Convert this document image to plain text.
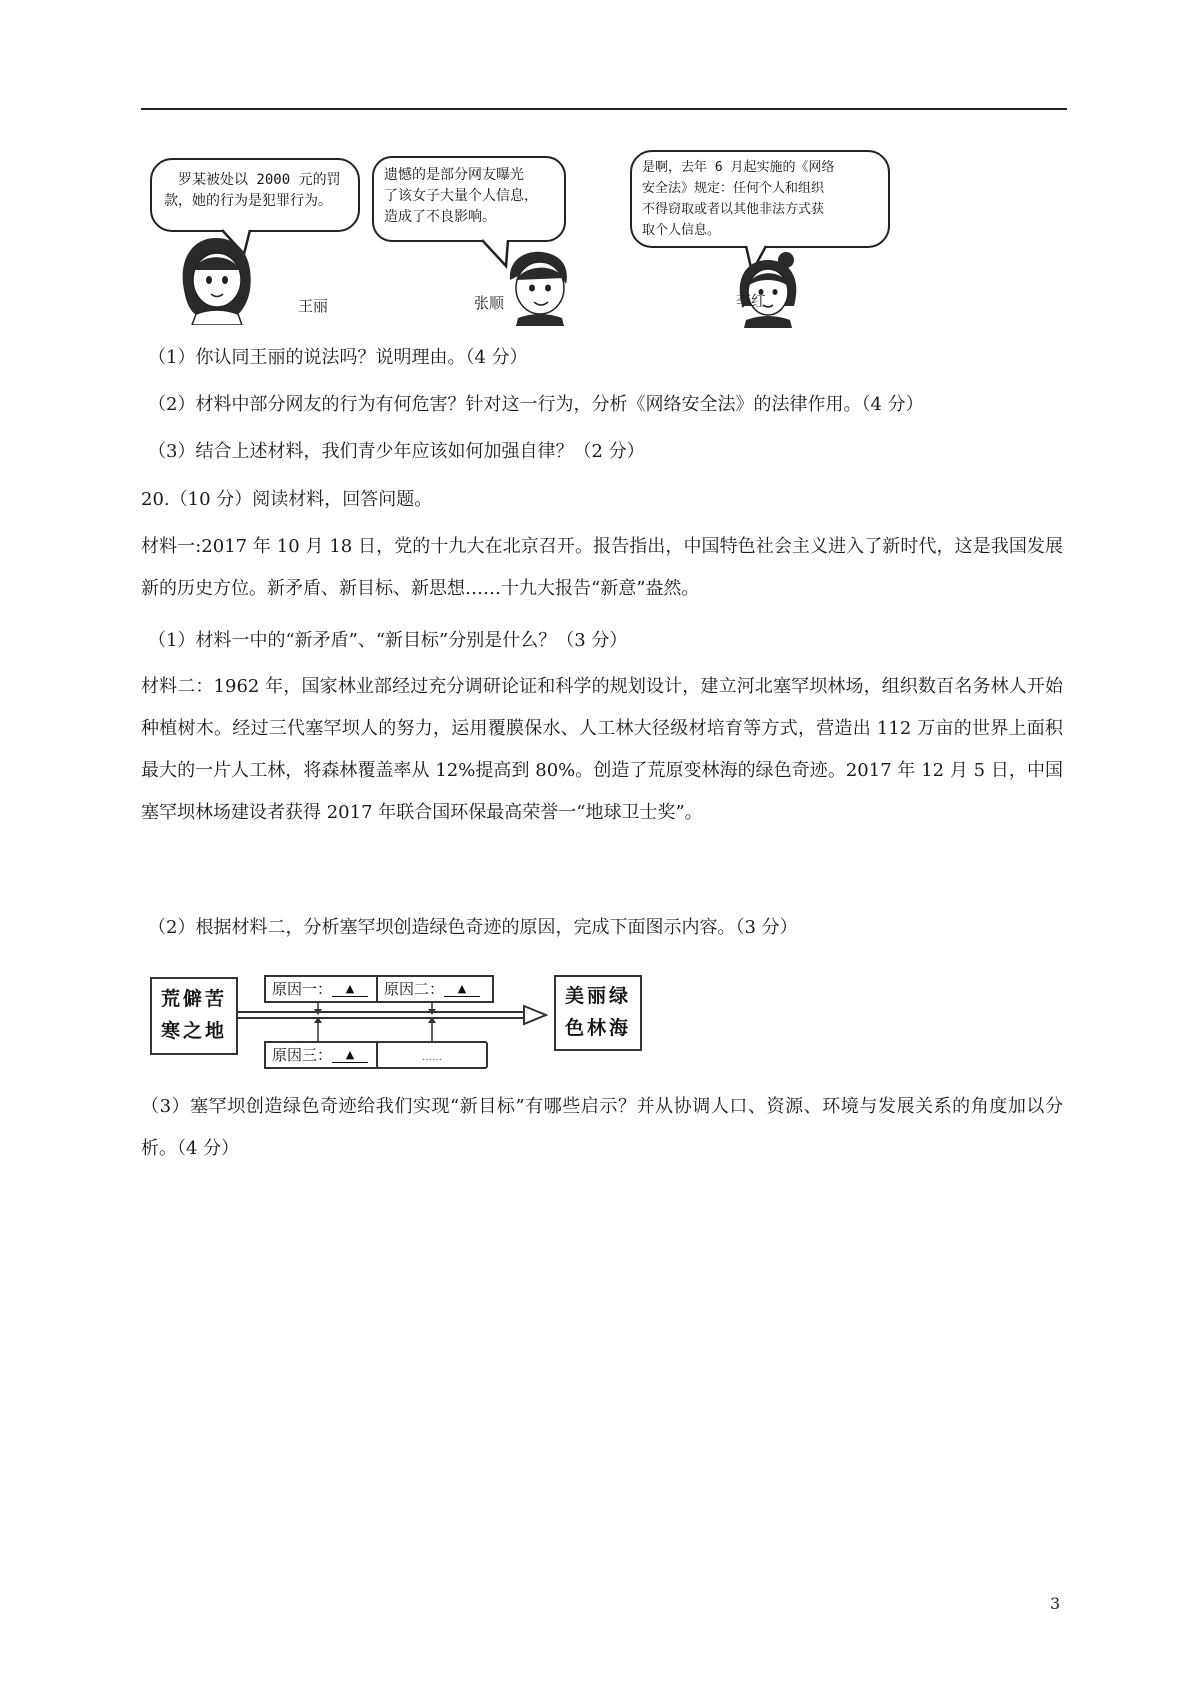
罗某被处以 2000 元的罚

款，她的行为是犯罪行为。

王丽

遗憾的是部分网友曝光

了该女子大量个人信息，

造成了不良影响。

张顺

是啊，去年 6 月起实施的《网络

安全法》规定：任何个人和组织

不得窃取或者以其他非法方式获

取个人信息。

李红
（1）你认同王丽的说法吗？说明理由。（4 分）
（2）材料中部分网友的行为有何危害？针对这一行为，分析《网络安全法》的法律作用。（4 分）
（3）结合上述材料，我们青少年应该如何加强自律？（2 分）
20.（10 分）阅读材料，回答问题。
材料一:2017 年 10 月 18 日，党的十九大在北京召开。报告指出，中国特色社会主义进入了新时代，这是我国发展新的历史方位。新矛盾、新目标、新思想……十九大报告“新意”盎然。
（1）材料一中的“新矛盾”、“新目标”分别是什么？（3 分）
材料二：1962 年，国家林业部经过充分调研论证和科学的规划设计，建立河北塞罕坝林场，组织数百名务林人开始种植树木。经过三代塞罕坝人的努力，运用覆膜保水、人工林大径级材培育等方式，营造出 112 万亩的世界上面积最大的一片人工林，将森林覆盖率从 12%提高到 80%。创造了荒原变林海的绿色奇迹。2017 年 12 月 5 日，中国塞罕坝林场建设者获得 2017 年联合国环保最高荣誉一“地球卫士奖”。
（2）根据材料二，分析塞罕坝创造绿色奇迹的原因，完成下面图示内容。（3 分）
荒僻苦
寒之地
原因一： ▲	原因二： ▲
原因三： ▲	……
美丽绿
色林海
（3）塞罕坝创造绿色奇迹给我们实现“新目标”有哪些启示？并从协调人口、资源、环境与发展关系的角度加以分析。（4 分）
3
